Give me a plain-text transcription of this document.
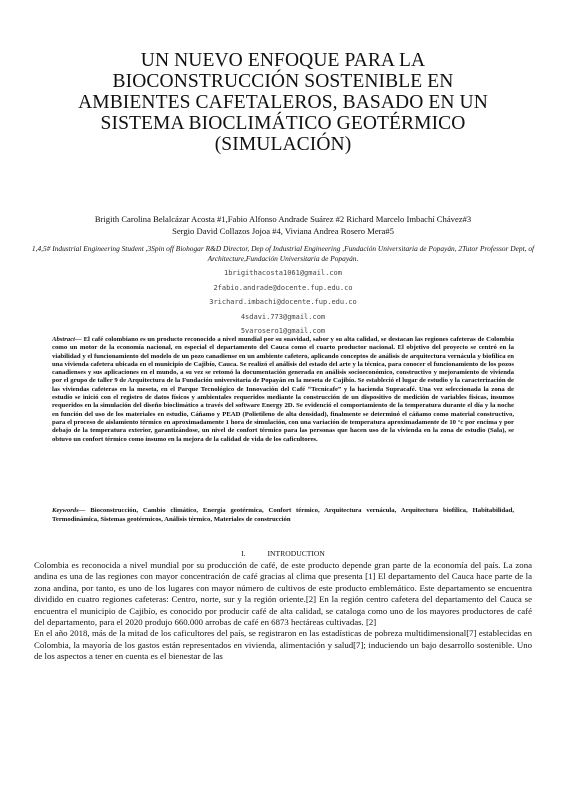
UN NUEVO ENFOQUE PARA LA BIOCONSTRUCCIÓN SOSTENIBLE EN AMBIENTES CAFETALEROS, BASADO EN UN SISTEMA BIOCLIMÁTICO GEOTÉRMICO (SIMULACIÓN)
Brigith Carolina Belalcázar Acosta #1,Fabio Alfonso Andrade Suárez #2 Richard Marcelo Imbachí Chávez#3
Sergio David Collazos Jojoa #4, Viviana Andrea Rosero Mera#5
1,4,5# Industrial Engineering Student ,3Spin off Biohogar R&D Director, Dep of Industrial Engineering ,Fundación Universitaria de Popayán, 2Tutor Professor Dept, of Architecture,Fundación Universitaria de Popayán.
1brigithacosta1061@gmail.com
2fabio.andrade@docente.fup.edu.co
3richard.imbachi@docente.fup.edu.co
4sdavi.773@gmail.com
5varosero1@gmail.com

Abstract— El café colombiano es un producto reconocido a nivel mundial por su suavidad, sabor y su alta calidad, se destacan las regiones cafeteras de Colombia como un motor de la economía nacional, en especial el departamento del Cauca como el cuarto productor nacional. El objetivo del proyecto se centró en la viabilidad y el funcionamiento del modelo de un pozo canadiense en un ambiente cafetero, aplicando conceptos de análisis de arquitectura vernácula y biofílica en una vivienda cafetera ubicada en el municipio de Cajibío, Cauca. Se realizó el análisis del estado del arte y la técnica, para conocer el funcionamiento de los pozos canadienses y sus aplicaciones en el mundo, a su vez se retomó la documentación generada en análisis socioeconómico, constructivo y mejoramiento de vivienda por el grupo de taller 9 de Arquitectura de la Fundación universitaria de Popayán en la meseta de Cajibío. Se estableció el lugar de estudio y la caracterización de las viviendas cafeteras en la meseta, en el Parque Tecnológico de Innovación del Café “Tecnicafe” y la hacienda Supracafé. Una vez seleccionada la zona de estudio se inició con el registro de datos físicos y ambientales requeridos mediante la construcción de un dispositivo de medición de variables físicas, insumos requeridos en la simulación del diseño bioclimático a través del software Energy 2D. Se evidenció el comportamiento de la temperatura durante el día y la noche en función del uso de los materiales en estudio, Cáñamo y PEAD (Polietileno de alta densidad), finalmente se determinó el cáñamo como material constructivo, para el proceso de aislamiento térmico en aproximadamente 1 hora de simulación, con una variación de temperatura aproximadamente de 10 °c por encima y por debajo de la temperatura exterior, garantizándose, un nivel de confort térmico para las personas que hacen uso de la vivienda en la zona de estudio (Sala), se obtuvo un confort térmico como insumo en la mejora de la calidad de vida de los caficultores.

Keywords— Bioconstrucción, Cambio climático, Energía geotérmica, Confort térmico, Arquitectura vernácula, Arquitectura biofílica, Habitabilidad, Termodinámica, Sistemas geotérmicos, Análisis térmico, Materiales de construcción

I.	INTRODUCTION

Colombia es reconocida a nivel mundial por su producción de café, de este producto depende gran parte de la economía del país. La zona andina es una de las regiones con mayor concentración de café gracias al clima que presenta [1] El departamento del Cauca hace parte de la zona andina, por tanto, es uno de los lugares con mayor número de cultivos de este producto emblemático. Este departamento se encuentra dividido en cuatro regiones cafeteras: Centro, norte, sur y la región oriente.[2] En la región centro cafetera del departamento del Cauca se encuentra el municipio de Cajibío, es conocido por producir café de alta calidad, se cataloga como uno de los mayores productores de café del departamento, para el 2020 produjo 660.000 arrobas de café en 6873 hectáreas cultivadas. [2]

En el año 2018, más de la mitad de los caficultores del país, se registraron en las estadísticas de pobreza multidimensional[7] establecidas en Colombia, la mayoría de los gastos están representados en vivienda, alimentación y salud[7]; induciendo un bajo desarrollo sostenible. Uno de los aspectos a tener en cuenta es el bienestar de las
